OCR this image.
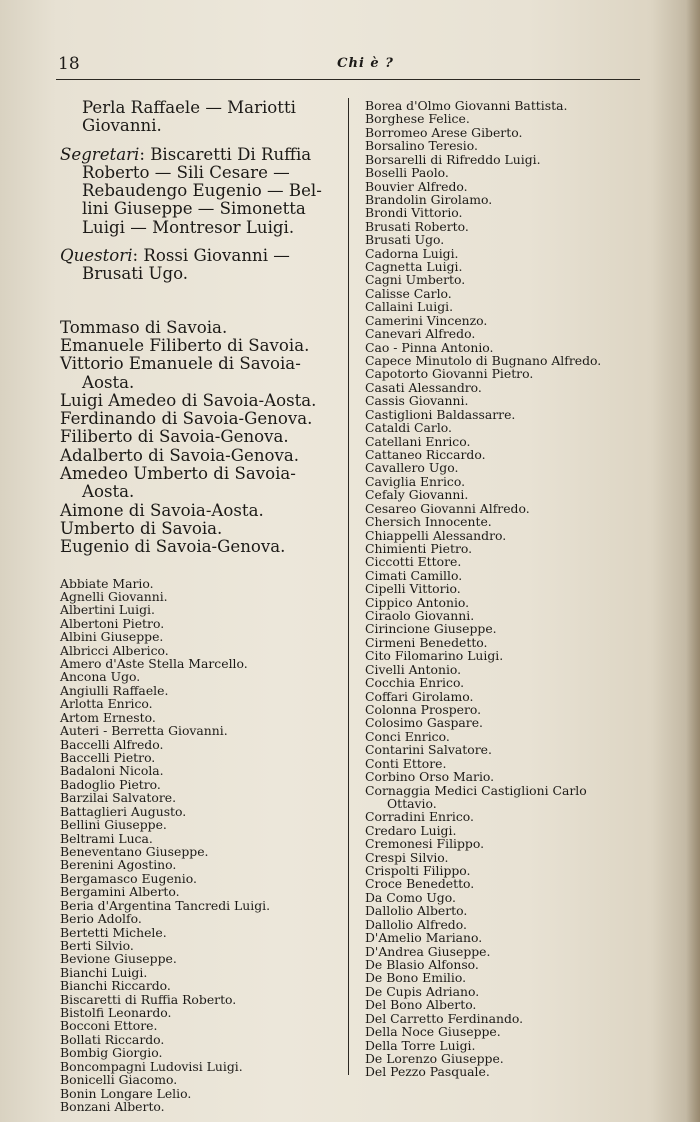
18	Chi è ?

Perla Raffaele — Mariotti

Giovanni.

Segretari: Biscaretti Di Ruffia

Roberto — Sili Cesare —

Rebaudengo Eugenio — Bel-

lini Giuseppe — Simonetta

Luigi — Montresor Luigi.

Questori: Rossi Giovanni —

Brusati Ugo.

Tommaso di Savoia.

Emanuele Filiberto di Savoia.

Vittorio Emanuele di Savoia-

Aosta.

Luigi Amedeo di Savoia-Aosta.

Ferdinando di Savoia-Genova.

Filiberto di Savoia-Genova.

Adalberto di Savoia-Genova.

Amedeo Umberto di Savoia-

Aosta.

Aimone di Savoia-Aosta.

Umberto di Savoia.

Eugenio di Savoia-Genova.

Abbiate Mario.

Agnelli Giovanni.

Albertini Luigi.

Albertoni Pietro.

Albini Giuseppe.

Albricci Alberico.

Amero d'Aste Stella Marcello.

Ancona Ugo.

Angiulli Raffaele.

Arlotta Enrico.

Artom Ernesto.

Auteri - Berretta Giovanni.

Baccelli Alfredo.

Baccelli Pietro.

Badaloni Nicola.

Badoglio Pietro.

Barzilai Salvatore.

Battaglieri Augusto.

Bellini Giuseppe.

Beltrami Luca.

Beneventano Giuseppe.

Berenini Agostino.

Bergamasco Eugenio.

Bergamini Alberto.

Beria d'Argentina Tancredi Luigi.

Berio Adolfo.

Bertetti Michele.

Berti Silvio.

Bevione Giuseppe.

Bianchi Luigi.

Bianchi Riccardo.

Biscaretti di Ruffia Roberto.

Bistolfi Leonardo.

Bocconi Ettore.

Bollati Riccardo.

Bombig Giorgio.

Boncompagni Ludovisi Luigi.

Bonicelli Giacomo.

Bonin Longare Lelio.

Bonzani Alberto.

Borea d'Olmo Giovanni Battista.

Borghese Felice.

Borromeo Arese Giberto.

Borsalino Teresio.

Borsarelli di Rifreddo Luigi.

Boselli Paolo.

Bouvier Alfredo.

Brandolin Girolamo.

Brondi Vittorio.

Brusati Roberto.

Brusati Ugo.

Cadorna Luigi.

Cagnetta Luigi.

Cagni Umberto.

Calisse Carlo.

Callaini Luigi.

Camerini Vincenzo.

Canevari Alfredo.

Cao - Pinna Antonio.

Capece Minutolo di Bugnano Alfredo.

Capotorto Giovanni Pietro.

Casati Alessandro.

Cassis Giovanni.

Castiglioni Baldassarre.

Cataldi Carlo.

Catellani Enrico.

Cattaneo Riccardo.

Cavallero Ugo.

Caviglia Enrico.

Cefaly Giovanni.

Cesareo Giovanni Alfredo.

Chersich Innocente.

Chiappelli Alessandro.

Chimienti Pietro.

Ciccotti Ettore.

Cimati Camillo.

Cipelli Vittorio.

Cippico Antonio.

Ciraolo Giovanni.

Cirincione Giuseppe.

Cirmeni Benedetto.

Cito Filomarino Luigi.

Civelli Antonio.

Cocchia Enrico.

Coffari Girolamo.

Colonna Prospero.

Colosimo Gaspare.

Conci Enrico.

Contarini Salvatore.

Conti Ettore.

Corbino Orso Mario.

Cornaggia Medici Castiglioni Carlo

Ottavio.

Corradini Enrico.

Credaro Luigi.

Cremonesi Filippo.

Crespi Silvio.

Crispolti Filippo.

Croce Benedetto.

Da Como Ugo.

Dallolio Alberto.

Dallolio Alfredo.

D'Amelio Mariano.

D'Andrea Giuseppe.

De Blasio Alfonso.

De Bono Emilio.

De Cupis Adriano.

Del Bono Alberto.

Del Carretto Ferdinando.

Della Noce Giuseppe.

Della Torre Luigi.

De Lorenzo Giuseppe.

Del Pezzo Pasquale.
